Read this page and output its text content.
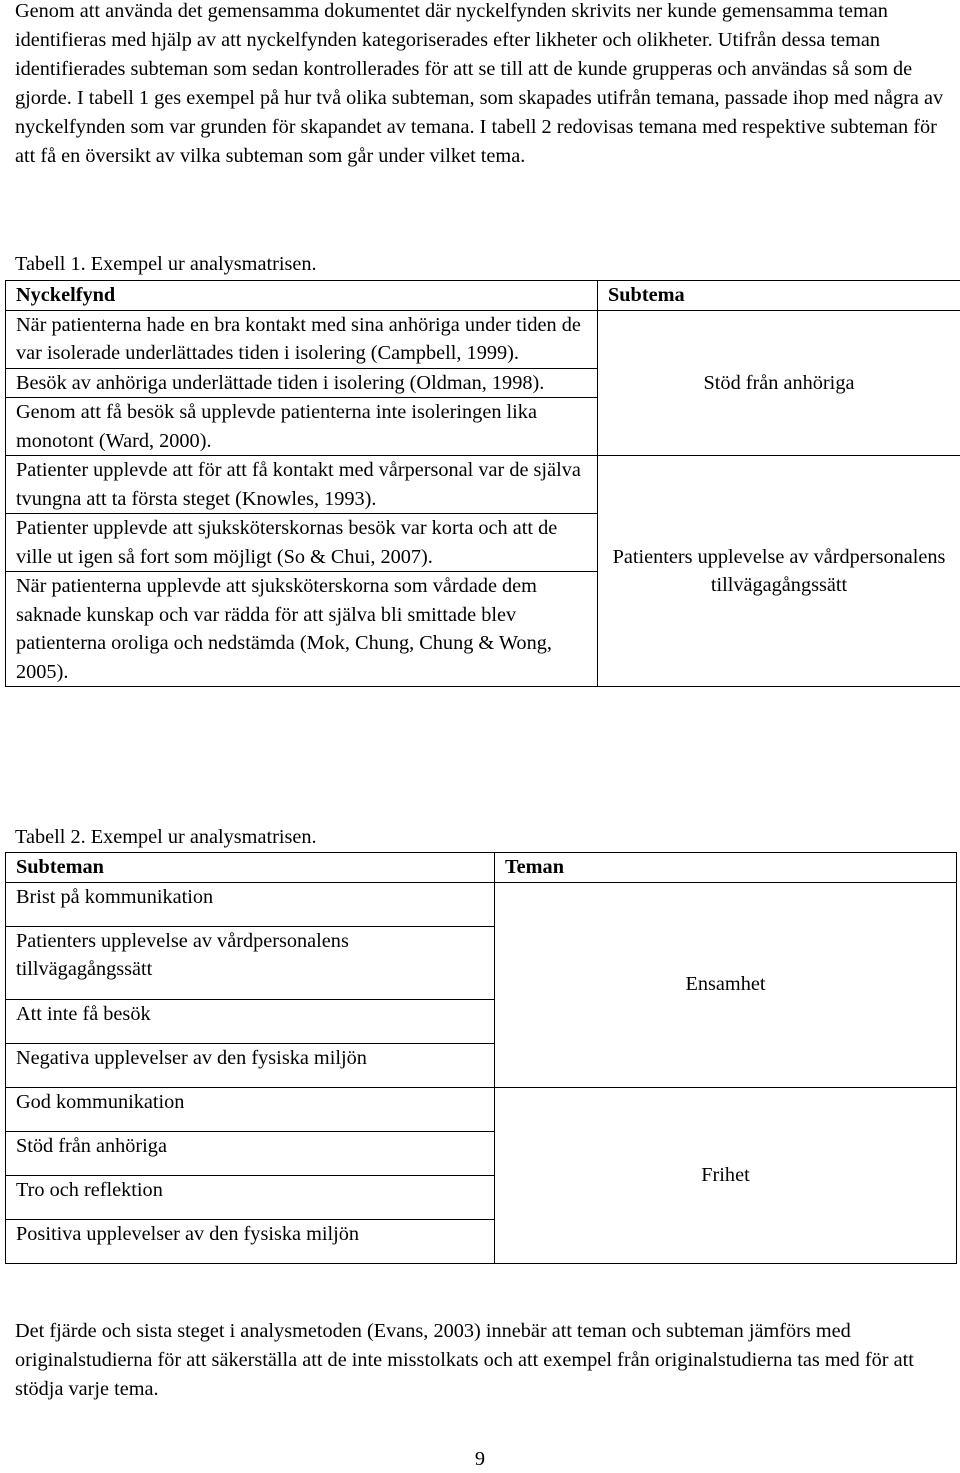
Genom att använda det gemensamma dokumentet där nyckelfynden skrivits ner kunde gemensamma teman identifieras med hjälp av att nyckelfynden kategoriserades efter likheter och olikheter. Utifrån dessa teman identifierades subteman som sedan kontrollerades för att se till att de kunde grupperas och användas så som de gjorde. I tabell 1 ges exempel på hur två olika subteman, som skapades utifrån temana, passade ihop med några av nyckelfynden som var grunden för skapandet av temana. I tabell 2 redovisas temana med respektive subteman för att få en översikt av vilka subteman som går under vilket tema.

Tabell 1. Exempel ur analysmatrisen.

Nyckelfynd	Subtema
När patienterna hade en bra kontakt med sina anhöriga under tiden de var isolerade underlättades tiden i isolering (Campbell, 1999).	Stöd från anhöriga
Besök av anhöriga underlättade tiden i isolering (Oldman, 1998).	
Genom att få besök så upplevde patienterna inte isoleringen lika monotont (Ward, 2000).	
Patienter upplevde att för att få kontakt med vårpersonal var de själva tvungna att ta första steget (Knowles, 1993).	Patienters upplevelse av vårdpersonalens tillvägagångssätt
Patienter upplevde att sjuksköterskornas besök var korta och att de ville ut igen så fort som möjligt (So & Chui, 2007).	
När patienterna upplevde att sjuksköterskorna som vårdade dem saknade kunskap och var rädda för att själva bli smittade blev patienterna oroliga och nedstämda (Mok, Chung, Chung & Wong, 2005).	

Tabell 2. Exempel ur analysmatrisen.

Subteman	Teman
Brist på kommunikation	Ensamhet
Patienters upplevelse av vårdpersonalens tillvägagångssätt	
Att inte få besök	
Negativa upplevelser av den fysiska miljön	
God kommunikation	Frihet
Stöd från anhöriga	
Tro och reflektion	
Positiva upplevelser av den fysiska miljön	

Det fjärde och sista steget i analysmetoden (Evans, 2003) innebär att teman och subteman jämförs med originalstudierna för att säkerställa att de inte misstolkats och att exempel från originalstudierna tas med för att stödja varje tema.

9
